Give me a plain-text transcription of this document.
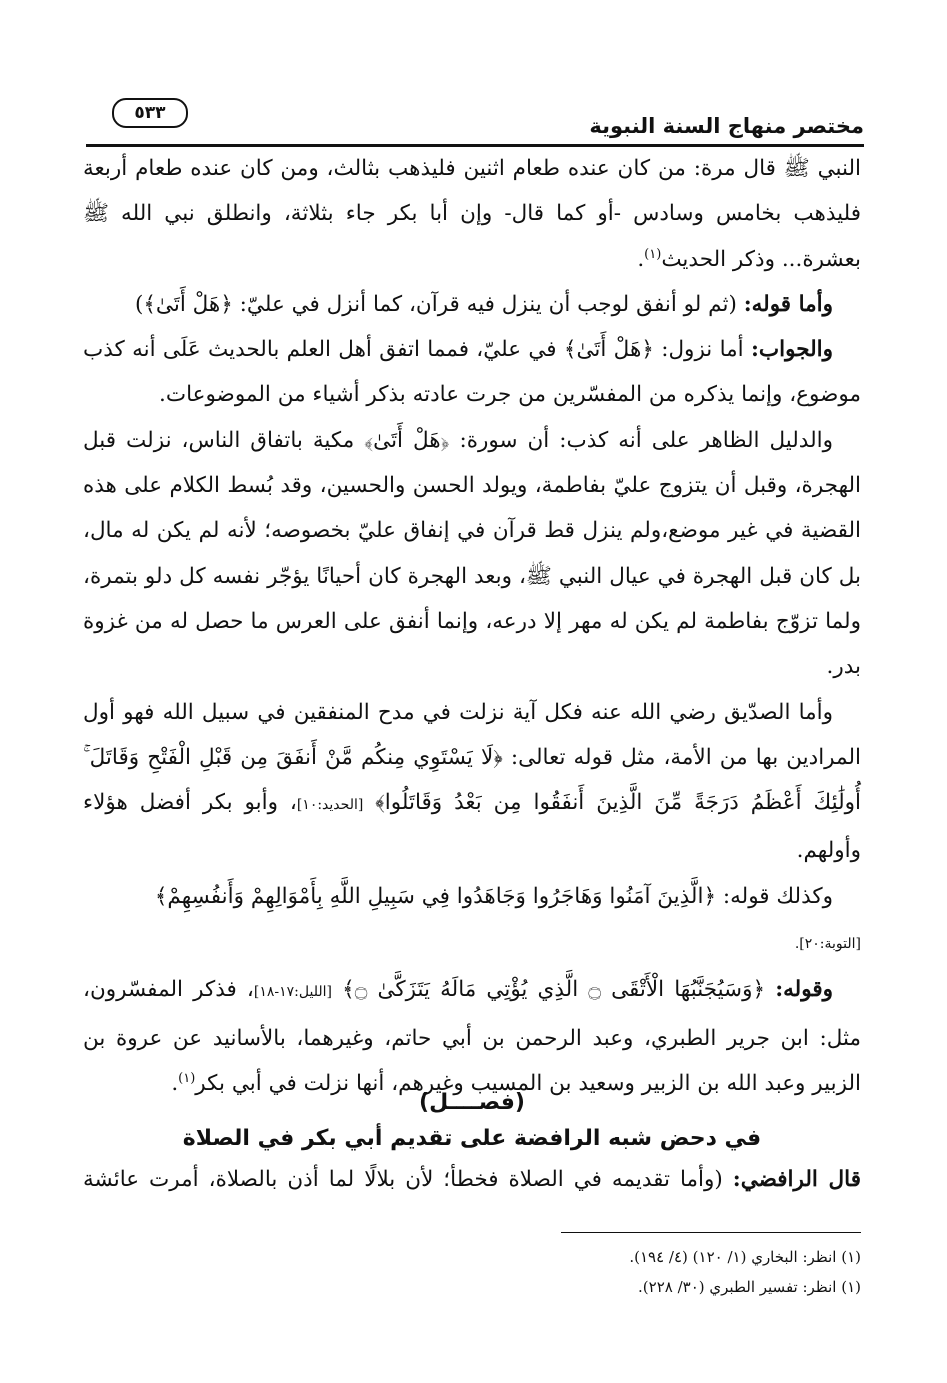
مختصر منهاج السنة النبوية
٥٣٣

النبي ﷺ قال مرة: من كان عنده طعام اثنين فليذهب بثالث، ومن كان عنده طعام أربعة فليذهب بخامس وسادس -أو كما قال- وإن أبا بكر جاء بثلاثة، وانطلق نبي الله ﷺ بعشرة... وذكر الحديث$^{(١)}$.

وأما قوله: (ثم لو أنفق لوجب أن ينزل فيه قرآن، كما أنزل في عليّ: ﴿هَلْ أَتَىٰ﴾)

والجواب: أما نزول: ﴿هَلْ أَتَىٰ﴾ في عليّ، فمما اتفق أهل العلم بالحديث عَلَى أنه كذب موضوع، وإنما يذكره من المفسّرين من جرت عادته بذكر أشياء من الموضوعات.

والدليل الظاهر على أنه كذب: أن سورة: ﴿هَلْ أَتَىٰ﴾ مكية باتفاق الناس، نزلت قبل الهجرة، وقبل أن يتزوج عليّ بفاطمة، ويولد الحسن والحسين، وقد بُسط الكلام على هذه القضية في غير موضع،ولم ينزل قط قرآن في إنفاق عليّ بخصوصه؛ لأنه لم يكن له مال، بل كان قبل الهجرة في عيال النبي ﷺ، وبعد الهجرة كان أحيانًا يؤجّر نفسه كل دلو بتمرة، ولما تزوّج بفاطمة لم يكن له مهر إلا درعه، وإنما أنفق على العرس ما حصل له من غزوة بدر.

وأما الصدّيق رضي الله عنه فكل آية نزلت في مدح المنفقين في سبيل الله فهو أول المرادين بها من الأمة، مثل قوله تعالى: ﴿لَا يَسْتَوِي مِنكُم مَّنْ أَنفَقَ مِن قَبْلِ الْفَتْحِ وَقَاتَلَ ۚ أُولَٰئِكَ أَعْظَمُ دَرَجَةً مِّنَ الَّذِينَ أَنفَقُوا مِن بَعْدُ وَقَاتَلُوا﴾ [الحديد:١٠]، وأبو بكر أفضل هؤلاء وأولهم.

وكذلك قوله: ﴿الَّذِينَ آمَنُوا وَهَاجَرُوا وَجَاهَدُوا فِي سَبِيلِ اللَّهِ بِأَمْوَالِهِمْ وَأَنفُسِهِمْ﴾
[التوبة:٢٠].

وقوله: ﴿وَسَيُجَنَّبُهَا الْأَتْقَى ۝ الَّذِي يُؤْتِي مَالَهُ يَتَزَكَّىٰ ۝﴾ [الليل:١٧-١٨]، فذكر المفسّرون، مثل: ابن جرير الطبري، وعبد الرحمن بن أبي حاتم، وغيرهما، بالأسانيد عن عروة بن الزبير وعبد الله بن الزبير وسعيد بن المسيب وغيرهم، أنها نزلت في أبي بكر$^{(١)}$.

(فصــــل)
في دحض شبه الرافضة على تقديم أبي بكر في الصلاة
قال الرافضي: (وأما تقديمه في الصلاة فخطأ؛ لأن بلالًا لما أذن بالصلاة، أمرت عائشة
(١) انظر: البخاري (١/ ١٢٠) (٤/ ١٩٤).
(١) انظر: تفسير الطبري (٣٠/ ٢٢٨).
